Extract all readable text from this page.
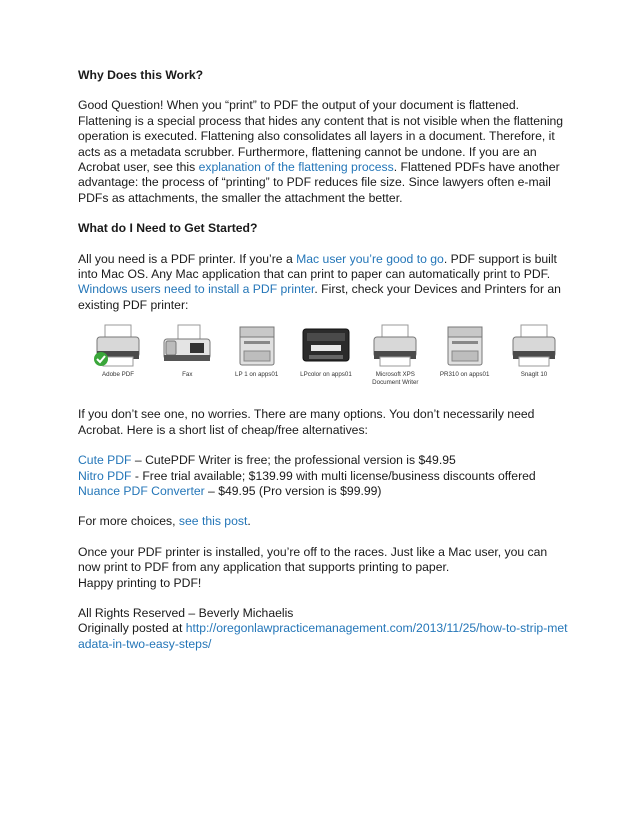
Why Does this Work?

Good Question! When you “print” to PDF the output of your document is flattened. Flattening is a special process that hides any content that is not visible when the flattening operation is executed. Flattening also consolidates all layers in a document. Therefore, it acts as a metadata scrubber. Furthermore, flattening cannot be undone. If you are an Acrobat user, see this explanation of the flattening process. Flattened PDFs have another advantage: the process of “printing” to PDF reduces file size. Since lawyers often e-mail PDFs as attachments, the smaller the attachment the better.

What do I Need to Get Started?

All you need is a PDF printer. If you’re a Mac user you’re good to go. PDF support is built into Mac OS. Any Mac application that can print to paper can automatically print to PDF. Windows users need to install a PDF printer. First, check your Devices and Printers for an existing PDF printer:

Adobe PDF	Fax	LP 1 on apps01	LPcolor on apps01	Microsoft XPS Document Writer
PR310 on apps01	SnagIt 10

If you don’t see one, no worries. There are many options. You don’t necessarily need Acrobat. Here is a short list of cheap/free alternatives:

Cute PDF – CutePDF Writer is free; the professional version is $49.95

Nitro PDF - Free trial available; $139.99 with multi license/business discounts offered

Nuance PDF Converter – $49.95 (Pro version is $99.99)

For more choices, see this post.

Once your PDF printer is installed, you’re off to the races. Just like a Mac user, you can now print to PDF from any application that supports printing to paper.

Happy printing to PDF!

All Rights Reserved – Beverly Michaelis

Originally posted at http://oregonlawpracticemanagement.com/2013/11/25/how-to-strip-metadata-in-two-easy-steps/
